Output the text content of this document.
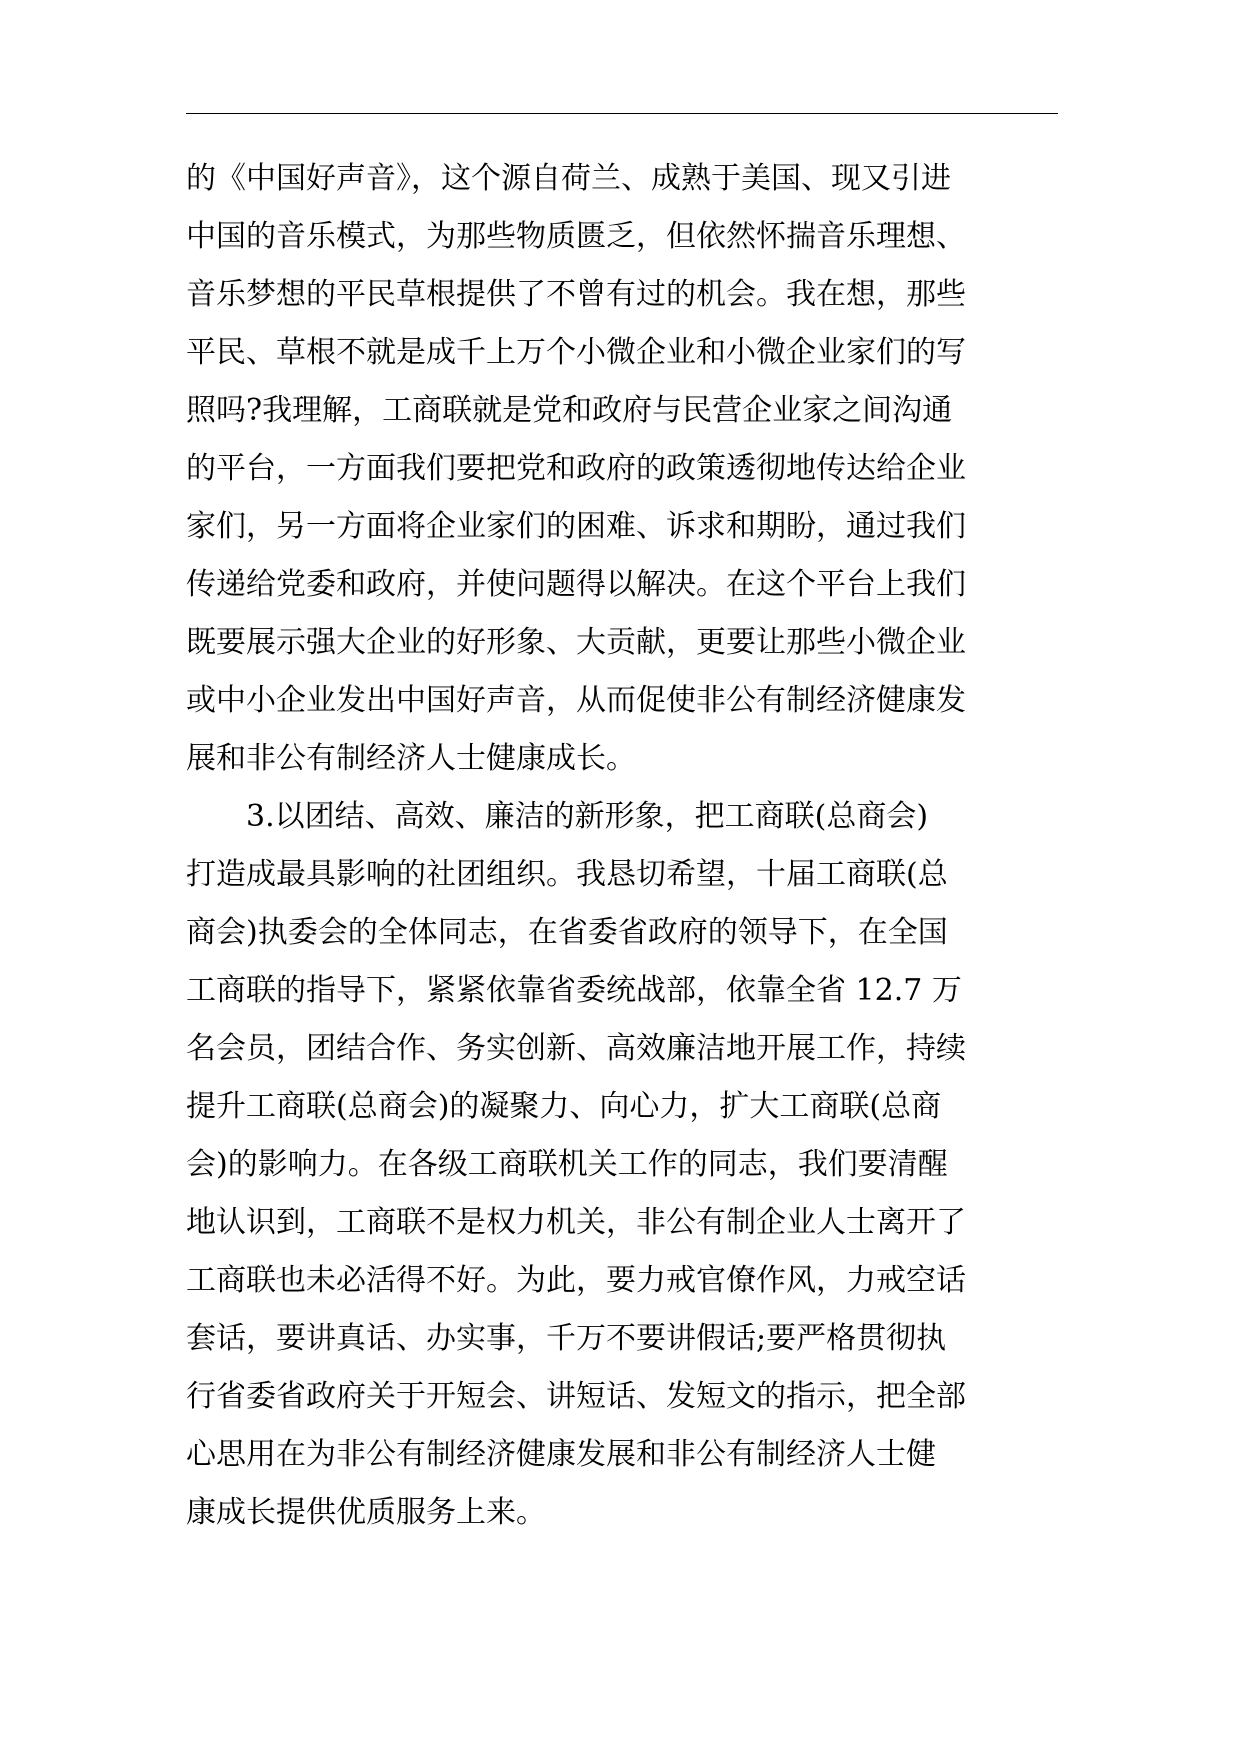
的《中国好声音》，这个源自荷兰、成熟于美国、现又引进
中国的音乐模式，为那些物质匮乏，但依然怀揣音乐理想、
音乐梦想的平民草根提供了不曾有过的机会。我在想，那些
平民、草根不就是成千上万个小微企业和小微企业家们的写
照吗?我理解，工商联就是党和政府与民营企业家之间沟通
的平台，一方面我们要把党和政府的政策透彻地传达给企业
家们，另一方面将企业家们的困难、诉求和期盼，通过我们
传递给党委和政府，并使问题得以解决。在这个平台上我们
既要展示强大企业的好形象、大贡献，更要让那些小微企业
或中小企业发出中国好声音，从而促使非公有制经济健康发
展和非公有制经济人士健康成长。
3.以团结、高效、廉洁的新形象，把工商联(总商会)
打造成最具影响的社团组织。我恳切希望，十届工商联(总
商会)执委会的全体同志，在省委省政府的领导下，在全国
工商联的指导下，紧紧依靠省委统战部，依靠全省 12.7 万
名会员，团结合作、务实创新、高效廉洁地开展工作，持续
提升工商联(总商会)的凝聚力、向心力，扩大工商联(总商
会)的影响力。在各级工商联机关工作的同志，我们要清醒
地认识到，工商联不是权力机关，非公有制企业人士离开了
工商联也未必活得不好。为此，要力戒官僚作风，力戒空话
套话，要讲真话、办实事，千万不要讲假话;要严格贯彻执
行省委省政府关于开短会、讲短话、发短文的指示，把全部
心思用在为非公有制经济健康发展和非公有制经济人士健
康成长提供优质服务上来。
